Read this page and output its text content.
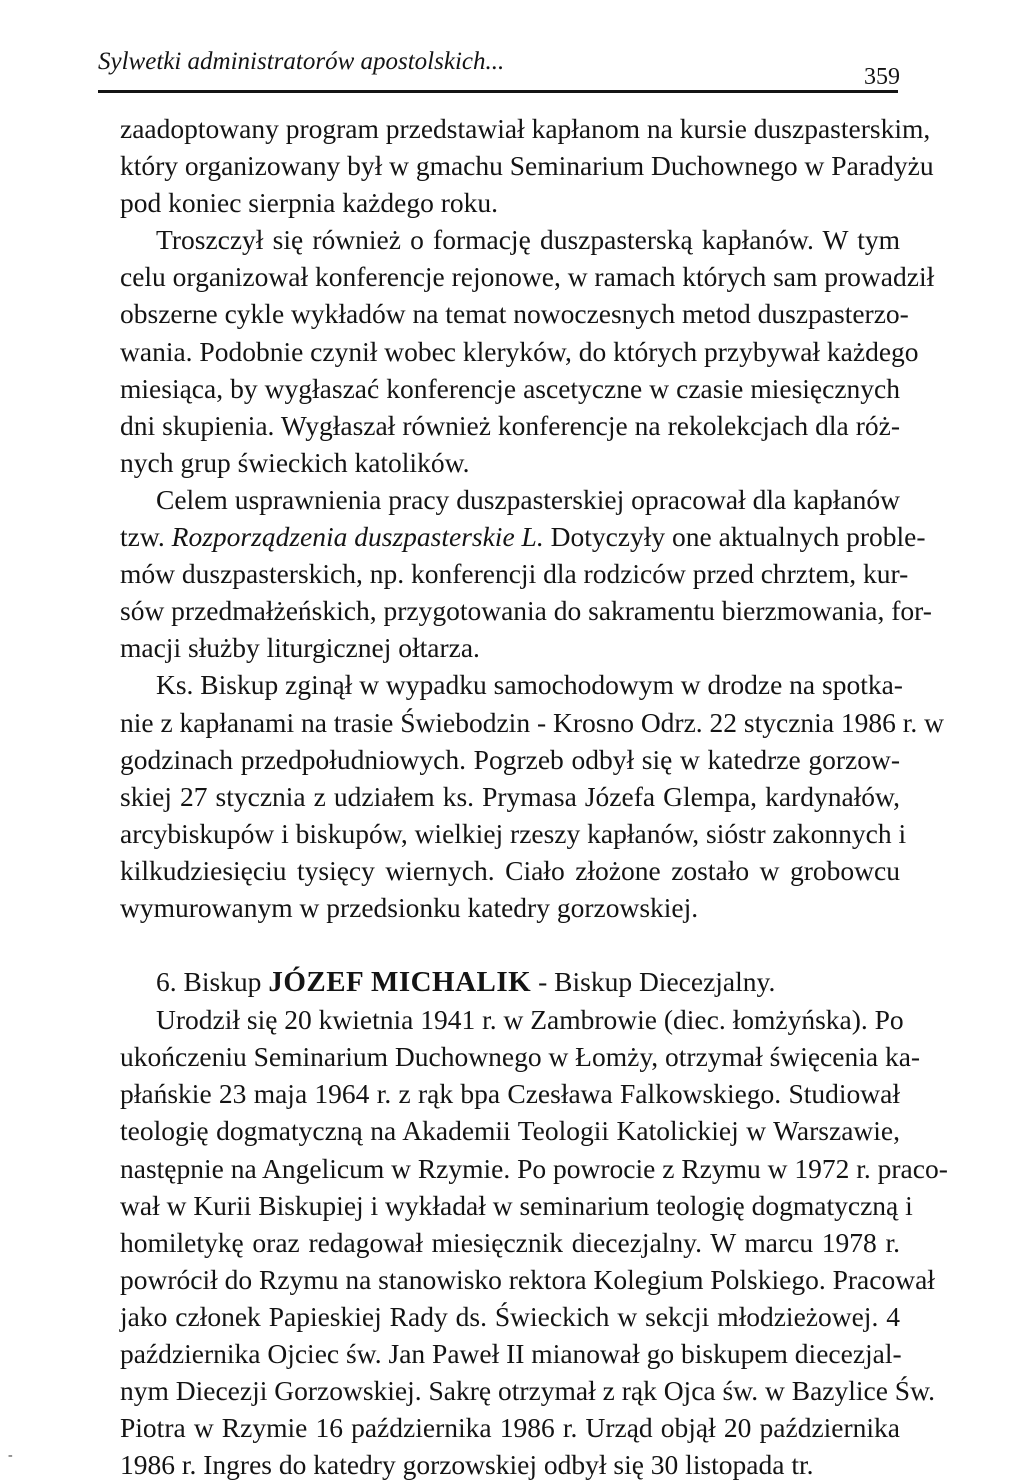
Sylwetki administratorów apostolskich...
359
zaadoptowany program przedstawiał kapłanom na kursie duszpasterskim,
który organizowany był w gmachu Seminarium Duchownego w Paradyżu
pod koniec sierpnia każdego roku.
Troszczył się również o formację duszpasterską kapłanów. W tym
celu organizował konferencje rejonowe, w ramach których sam prowadził
obszerne cykle wykładów na temat nowoczesnych metod duszpasterzo-
wania. Podobnie czynił wobec kleryków, do których przybywał każdego
miesiąca, by wygłaszać konferencje ascetyczne w czasie miesięcznych
dni skupienia. Wygłaszał również konferencje na rekolekcjach dla róż-
nych grup świeckich katolików.
Celem usprawnienia pracy duszpasterskiej opracował dla kapłanów
tzw. Rozporządzenia duszpasterskie L. Dotyczyły one aktualnych proble-
mów duszpasterskich, np. konferencji dla rodziców przed chrztem, kur-
sów przedmałżeńskich, przygotowania do sakramentu bierzmowania, for-
macji służby liturgicznej ołtarza.
Ks. Biskup zginął w wypadku samochodowym w drodze na spotka-
nie z kapłanami na trasie Świebodzin - Krosno Odrz. 22 stycznia 1986 r. w
godzinach przedpołudniowych. Pogrzeb odbył się w katedrze gorzow-
skiej 27 stycznia z udziałem ks. Prymasa Józefa Glempa, kardynałów,
arcybiskupów i biskupów, wielkiej rzeszy kapłanów, sióstr zakonnych i
kilkudziesięciu tysięcy wiernych. Ciało złożone zostało w grobowcu
wymurowanym w przedsionku katedry gorzowskiej.
6. Biskup JÓZEF MICHALIK - Biskup Diecezjalny.
Urodził się 20 kwietnia 1941 r. w Zambrowie (diec. łomżyńska). Po
ukończeniu Seminarium Duchownego w Łomży, otrzymał święcenia ka-
płańskie 23 maja 1964 r. z rąk bpa Czesława Falkowskiego. Studiował
teologię dogmatyczną na Akademii Teologii Katolickiej w Warszawie,
następnie na Angelicum w Rzymie. Po powrocie z Rzymu w 1972 r. praco-
wał w Kurii Biskupiej i wykładał w seminarium teologię dogmatyczną i
homiletykę oraz redagował miesięcznik diecezjalny. W marcu 1978 r.
powrócił do Rzymu na stanowisko rektora Kolegium Polskiego. Pracował
jako członek Papieskiej Rady ds. Świeckich w sekcji młodzieżowej. 4
października Ojciec św. Jan Paweł II mianował go biskupem diecezjal-
nym Diecezji Gorzowskiej. Sakrę otrzymał z rąk Ojca św. w Bazylice Św.
Piotra w Rzymie 16 października 1986 r. Urząd objął 20 października
1986 r. Ingres do katedry gorzowskiej odbył się 30 listopada tr.
-
